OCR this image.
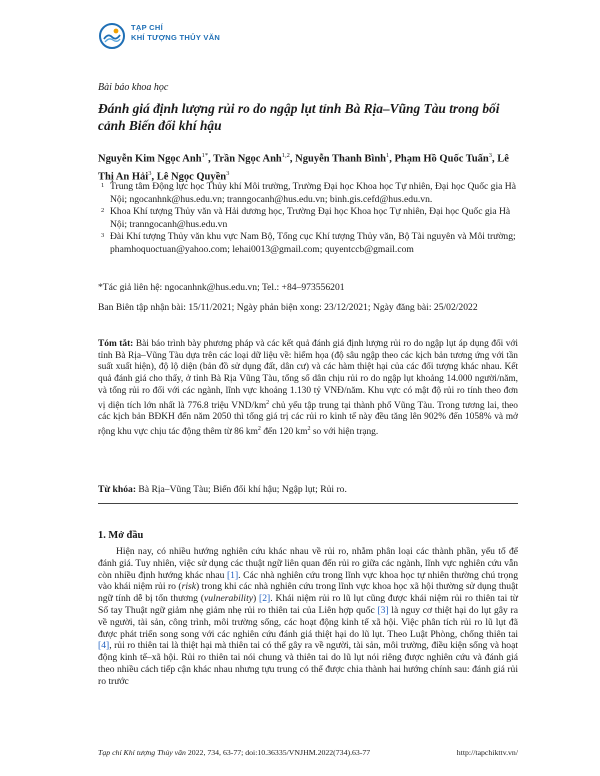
TẠP CHÍ
KHÍ TƯỢNG THỦY VĂN
Bài báo khoa học
Đánh giá định lượng rủi ro do ngập lụt tỉnh Bà Rịa–Vũng Tàu trong bối cảnh Biến đổi khí hậu
Nguyễn Kim Ngọc Anh$^{1*}$, Trần Ngọc Anh$^{1,2}$, Nguyễn Thanh Bình$^1$, Phạm Hồ Quốc Tuấn$^3$, Lê Thị An Hải$^3$, Lê Ngọc Quyền$^3$
1 Trung tâm Động lực học Thủy khí Môi trường, Trường Đại học Khoa học Tự nhiên, Đại học Quốc gia Hà Nội; ngocanhnk@hus.edu.vn; tranngocanh@hus.edu.vn; binh.gis.cefd@hus.edu.vn.
2 Khoa Khí tượng Thủy văn và Hải dương học, Trường Đại học Khoa học Tự nhiên, Đại học Quốc gia Hà Nội; tranngocanh@hus.edu.vn
3 Đài Khí tượng Thủy văn khu vực Nam Bộ, Tổng cục Khí tượng Thủy văn, Bộ Tài nguyên và Môi trường; phamhoquoctuan@yahoo.com; lehai0013@gmail.com; quyentccb@gmail.com
*Tác giả liên hệ: ngocanhnk@hus.edu.vn; Tel.: +84–973556201
Ban Biên tập nhận bài: 15/11/2021; Ngày phản biện xong: 23/12/2021; Ngày đăng bài: 25/02/2022
Tóm tắt: Bài báo trình bày phương pháp và các kết quả đánh giá định lượng rủi ro do ngập lụt áp dụng đối với tỉnh Bà Rịa–Vũng Tàu dựa trên các loại dữ liệu về: hiểm họa (độ sâu ngập theo các kịch bản tương ứng với tần suất xuất hiện), độ lộ diện (bản đồ sử dụng đất, dân cư) và các hàm thiệt hại của các đối tượng khác nhau. Kết quả đánh giá cho thấy, ở tỉnh Bà Rịa Vũng Tàu, tổng số dân chịu rủi ro do ngập lụt khoảng 14.000 người/năm, và tổng rủi ro đối với các ngành, lĩnh vực khoảng 1.130 tỷ VNĐ/năm. Khu vực có mật độ rủi ro tính theo đơn vị diện tích lớn nhất là 776.8 triệu VND/$km^2$ chủ yếu tập trung tại thành phố Vũng Tàu. Trong tương lai, theo các kịch bản BĐKH đến năm 2050 thì tổng giá trị các rủi ro kinh tế này đều tăng lên 902% đến 1058% và mở rộng khu vực chịu tác động thêm từ 86 $km^2$ đến 120 $km^2$ so với hiện trạng.
Từ khóa: Bà Rịa–Vũng Tàu; Biến đổi khí hậu; Ngập lụt; Rủi ro.
1. Mở đầu

Hiện nay, có nhiều hướng nghiên cứu khác nhau về rủi ro, nhằm phân loại các thành phần, yếu tố để đánh giá. Tuy nhiên, việc sử dụng các thuật ngữ liên quan đến rủi ro giữa các ngành, lĩnh vực nghiên cứu vẫn còn nhiều định hướng khác nhau [1]. Các nhà nghiên cứu trong lĩnh vực khoa học tự nhiên thường chú trọng vào khái niệm rủi ro (risk) trong khi các nhà nghiên cứu trong lĩnh vực khoa học xã hội thường sử dụng thuật ngữ tính dễ bị tổn thương (vulnerability) [2]. Khái niệm rủi ro lũ lụt cũng được khái niệm rủi ro thiên tai từ Sổ tay Thuật ngữ giảm nhẹ giảm nhẹ rủi ro thiên tai của Liên hợp quốc [3] là nguy cơ thiệt hại do lụt gây ra về người, tài sản, công trình, môi trường sống, các hoạt động kinh tế xã hội. Việc phân tích rủi ro lũ lụt đã được phát triển song song với các nghiên cứu đánh giá thiệt hại do lũ lụt. Theo Luật Phòng, chống thiên tai [4], rủi ro thiên tai là thiệt hại mà thiên tai có thể gây ra về người, tài sản, môi trường, điều kiện sống và hoạt động kinh tế–xã hội. Rủi ro thiên tai nói chung và thiên tai do lũ lụt nói riêng được nghiên cứu và đánh giá theo nhiều cách tiếp cận khác nhau nhưng tựu trung có thể được chia thành hai hướng chính sau: đánh giá rủi ro trước

Tạp chí Khí tượng Thủy văn 2022, 734, 63-77; doi:10.36335/VNJHM.2022(734).63-77	http://tapchikttv.vn/
